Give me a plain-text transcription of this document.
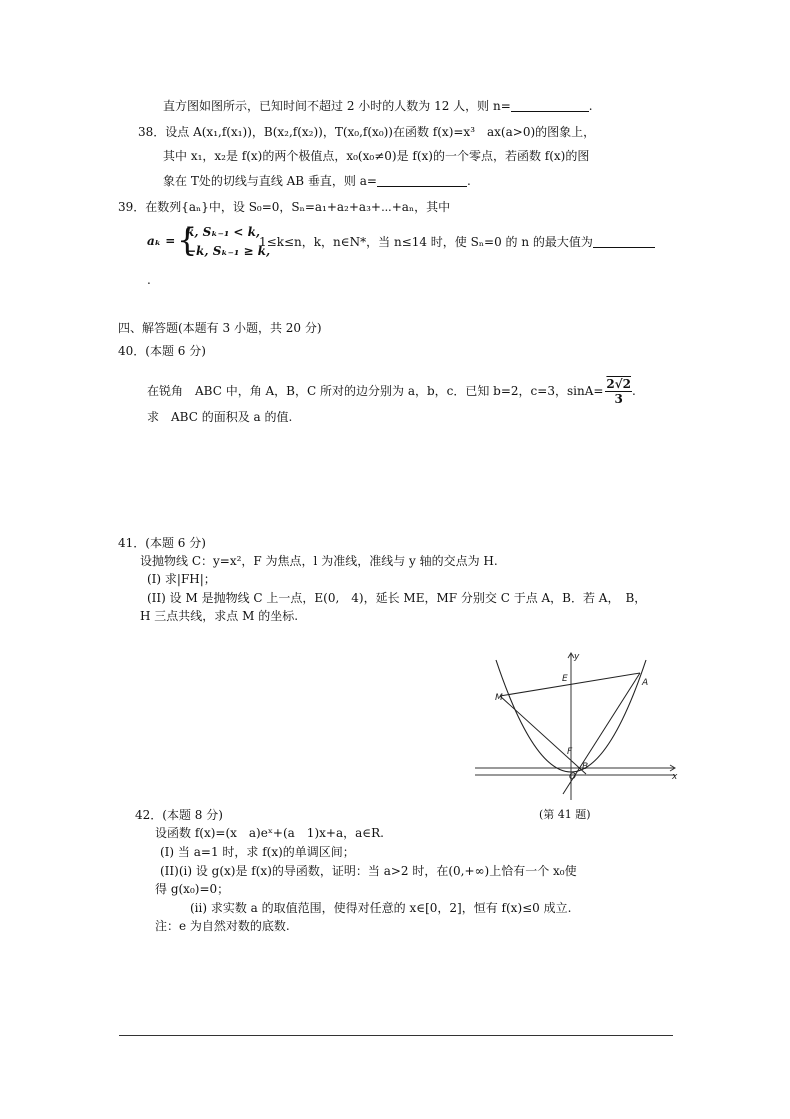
直方图如图所示，已知时间不超过 2 小时的人数为 12 人，则 n=	.
38．设点 A(x₁,f(x₁))，B(x₂,f(x₂))，T(x₀,f(x₀))在函数 f(x)=x³　ax(a>0)的图象上，
其中 x₁，x₂是 f(x)的两个极值点，x₀(x₀≠0)是 f(x)的一个零点，若函数 f(x)的图
象在 T处的切线与直线 AB 垂直，则 a=	.
39．在数列{aₙ}中，设 S₀=0，Sₙ=a₁+a₂+a₃+⋯+aₙ，其中
aₖ = {
k, Sₖ₋₁ < k,
−k, Sₖ₋₁ ≥ k,
1≤k≤n，k，n∈N*，当 n≤14 时，使 Sₙ=0 的 n 的最大值为
.
四、解答题(本题有 3 小题，共 20 分)
40．(本题 6 分)
在锐角　ABC 中，角 A，B，C 所对的边分别为 a，b，c．已知 b=2，c=3，$\sin A= \frac{2√2}{3}$ .
求　ABC 的面积及 a 的值.
41．(本题 6 分)
设抛物线 C：y=x²，F 为焦点，l 为准线，准线与 y 轴的交点为 H.
(I) 求|FH|；
(II) 设 M 是抛物线 C 上一点，E(0,　4)，延长 ME，MF 分别交 C 于点 A，B．若 A，　B，
H 三点共线，求点 M 的坐标.
y
x
E	A
M
F
O
B
(第 41 题)
42．(本题 8 分)
设函数 f(x)=(x　a)eˣ+(a　1)x+a，a∈R.
(I) 当 a=1 时，求 f(x)的单调区间；
(II)(i) 设 g(x)是 f(x)的导函数，证明：当 a>2 时，在(0,+∞)上恰有一个 x₀使
得 g(x₀)=0；
(ii) 求实数 a 的取值范围，使得对任意的 x∈[0，2]，恒有 f(x)≤0 成立.
注：e 为自然对数的底数.
